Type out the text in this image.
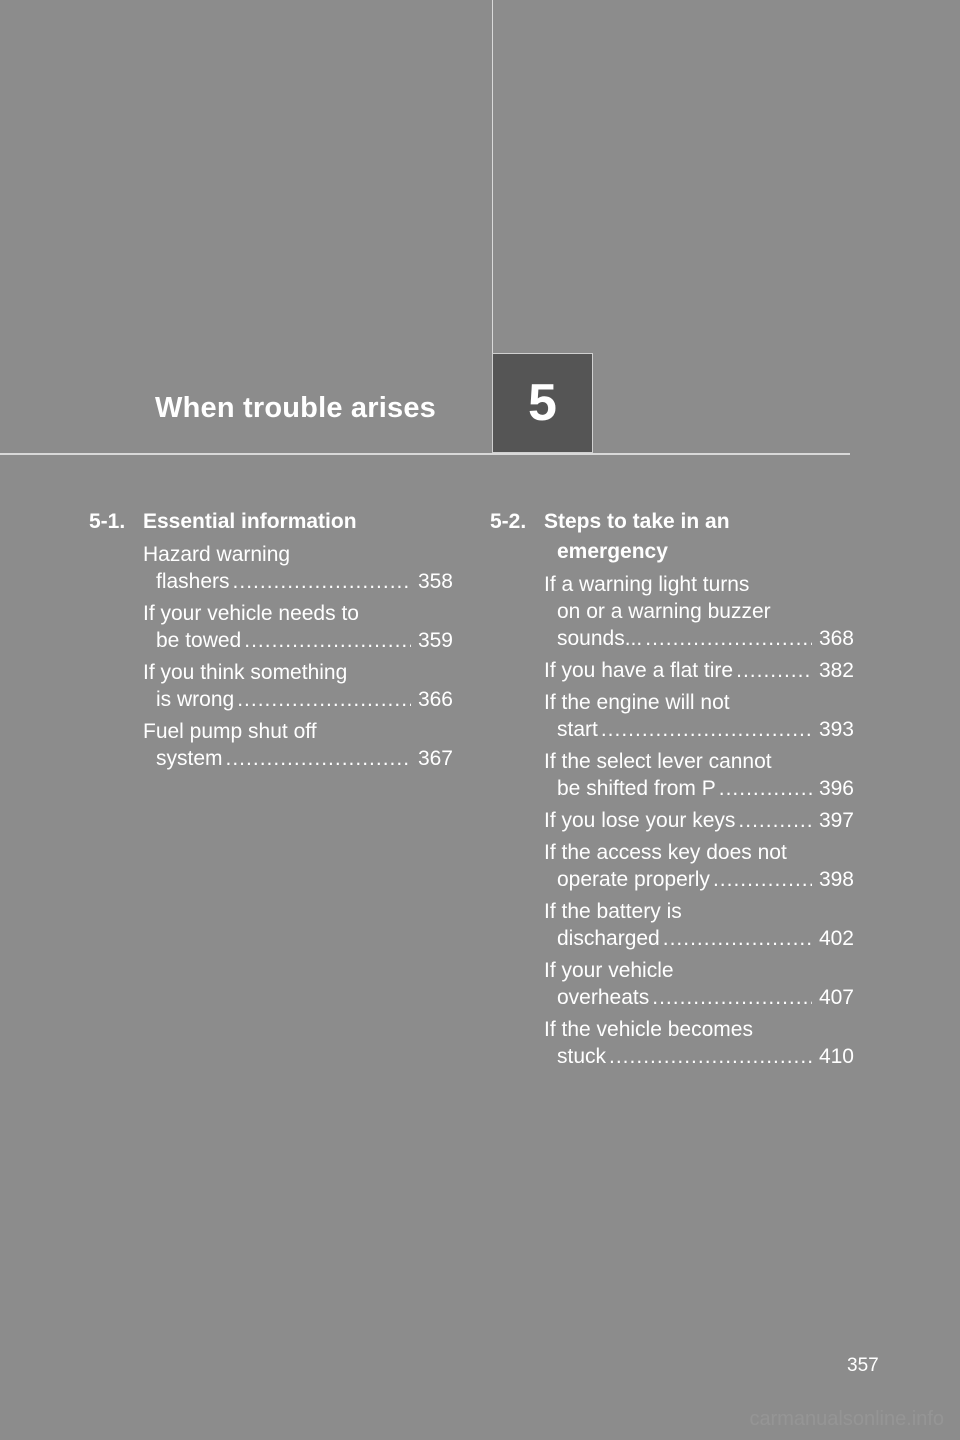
When trouble arises 5
5-1. Essential information
Hazard warning
flashers .....	358
If your vehicle needs to
be towed .....	359
If you think something
is wrong .....	366
Fuel pump shut off
system .....	367
5-2. Steps to take in an
emergency
If a warning light turns
on or a warning buzzer
sounds... .....	368
If you have a flat tire .....	382
If the engine will not
start .....	393
If the select lever cannot
be shifted from P .....	396
If you lose your keys .....	397
If the access key does not
operate properly .....	398
If the battery is
discharged .....	402
If your vehicle
overheats .....	407
If the vehicle becomes
stuck .....	410
357
carmanualsonline.info
